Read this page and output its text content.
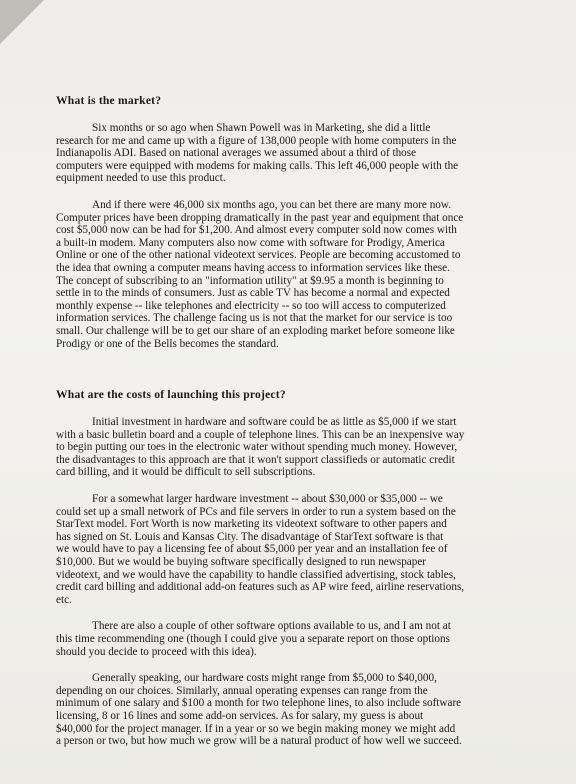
What is the market?

Six months or so ago when Shawn Powell was in Marketing, she did a little
research for me and came up with a figure of 138,000 people with home computers in the
Indianapolis ADI. Based on national averages we assumed about a third of those
computers were equipped with modems for making calls. This left 46,000 people with the
equipment needed to use this product.

And if there were 46,000 six months ago, you can bet there are many more now.
Computer prices have been dropping dramatically in the past year and equipment that once
cost $5,000 now can be had for $1,200. And almost every computer sold now comes with
a built-in modem. Many computers also now come with software for Prodigy, America
Online or one of the other national videotext services. People are becoming accustomed to
the idea that owning a computer means having access to information services like these.
The concept of subscribing to an "information utility" at $9.95 a month is beginning to
settle in to the minds of consumers. Just as cable TV has become a normal and expected
monthly expense -- like telephones and electricity -- so too will access to computerized
information services. The challenge facing us is not that the market for our service is too
small. Our challenge will be to get our share of an exploding market before someone like
Prodigy or one of the Bells becomes the standard.

What are the costs of launching this project?

Initial investment in hardware and software could be as little as $5,000 if we start
with a basic bulletin board and a couple of telephone lines. This can be an inexpensive way
to begin putting our toes in the electronic water without spending much money. However,
the disadvantages to this approach are that it won't support classifieds or automatic credit
card billing, and it would be difficult to sell subscriptions.

For a somewhat larger hardware investment -- about $30,000 or $35,000 -- we
could set up a small network of PCs and file servers in order to run a system based on the
StarText model. Fort Worth is now marketing its videotext software to other papers and
has signed on St. Louis and Kansas City. The disadvantage of StarText software is that
we would have to pay a licensing fee of about $5,000 per year and an installation fee of
$10,000. But we would be buying software specifically designed to run newspaper
videotext, and we would have the capability to handle classified advertising, stock tables,
credit card billing and additional add-on features such as AP wire feed, airline reservations,
etc.

There are also a couple of other software options available to us, and I am not at
this time recommending one (though I could give you a separate report on those options
should you decide to proceed with this idea).

Generally speaking, our hardware costs might range from $5,000 to $40,000,
depending on our choices. Similarly, annual operating expenses can range from the
minimum of one salary and $100 a month for two telephone lines, to also include software
licensing, 8 or 16 lines and some add-on services. As for salary, my guess is about
$40,000 for the project manager. If in a year or so we begin making money we might add
a person or two, but how much we grow will be a natural product of how well we succeed.
